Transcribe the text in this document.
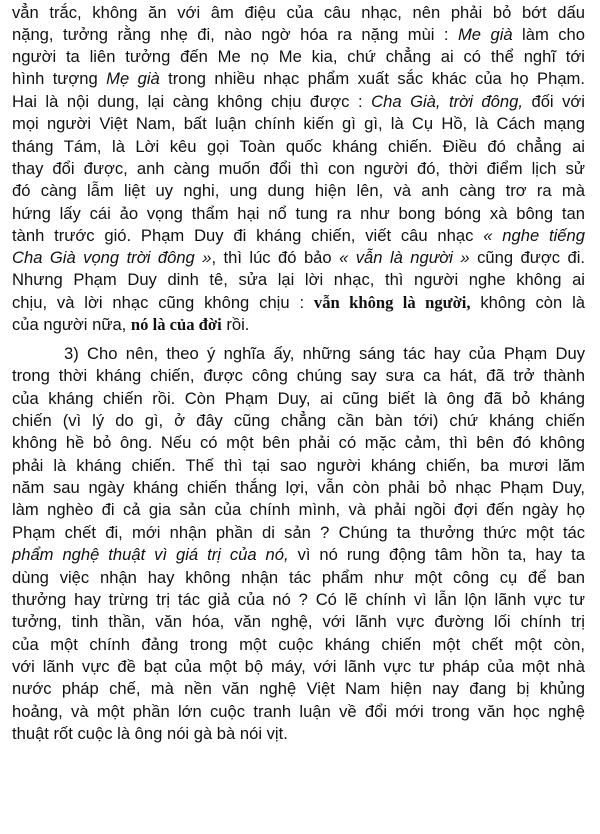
vẳn trắc, không ăn với âm điệu của câu nhạc, nên phải bỏ bớt dấu
nặng, tưởng rằng nhẹ đi, nào ngờ hóa ra nặng mùi : Me già làm cho
người ta liên tưởng đến Me nọ Me kia, chứ chẳng ai có thể nghĩ tới
hình tượng Mẹ già trong nhiều nhạc phẩm xuất sắc khác của họ Phạm.
Hai là nội dung, lại càng không chịu được : Cha Già, trời đông, đối với
mọi người Việt Nam, bất luận chính kiến gì gì, là Cụ Hồ, là Cách mạng
tháng Tám, là Lời kêu gọi Toàn quốc kháng chiến. Điều đó chẳng ai
thay đổi được, anh càng muốn đổi thì con người đó, thời điểm lịch sử
đó càng lẫm liệt uy nghi, ung dung hiện lên, và anh càng trơ ra mà
hứng lấy cái ảo vọng thẩm hại nổ tung ra như bong bóng xà bông tan
tành trước gió. Phạm Duy đi kháng chiến, viết câu nhạc « nghe tiếng
Cha Già vọng trời đông », thì lúc đó bảo « vẫn là người » cũng được đi.
Nhưng Phạm Duy dinh tê, sửa lại lời nhạc, thì người nghe không ai
chịu, và lời nhạc cũng không chịu : vẫn không là người, không còn là
của người nữa, nó là của đời rồi.
3) Cho nên, theo ý nghĩa ấy, những sáng tác hay của Phạm Duy
trong thời kháng chiến, được công chúng say sưa ca hát, đã trở thành
của kháng chiến rồi. Còn Phạm Duy, ai cũng biết là ông đã bỏ kháng
chiến (vì lý do gì, ở đây cũng chẳng cần bàn tới) chứ kháng chiến
không hề bỏ ông. Nếu có một bên phải có mặc cảm, thì bên đó không
phải là kháng chiến. Thế thì tại sao người kháng chiến, ba mươi lăm
năm sau ngày kháng chiến thắng lợi, vẫn còn phải bỏ nhạc Phạm Duy,
làm nghèo đi cả gia sản của chính mình, và phải ngồi đợi đến ngày họ
Phạm chết đi, mới nhận phần di sản ? Chúng ta thưởng thức một tác
phẩm nghệ thuật vì giá trị của nó, vì nó rung động tâm hồn ta, hay ta
dùng việc nhận hay không nhận tác phẩm như một công cụ để ban
thưởng hay trừng trị tác giả của nó ? Có lẽ chính vì lẫn lộn lãnh vực tư
tưởng, tinh thần, văn hóa, văn nghệ, với lãnh vực đường lối chính trị
của một chính đảng trong một cuộc kháng chiến một chết một còn,
với lãnh vực đề bạt của một bộ máy, với lãnh vực tư pháp của một nhà
nước pháp chế, mà nền văn nghệ Việt Nam hiện nay đang bị khủng
hoảng, và một phần lớn cuộc tranh luận về đổi mới trong văn học nghệ
thuật rốt cuộc là ông nói gà bà nói vịt.
